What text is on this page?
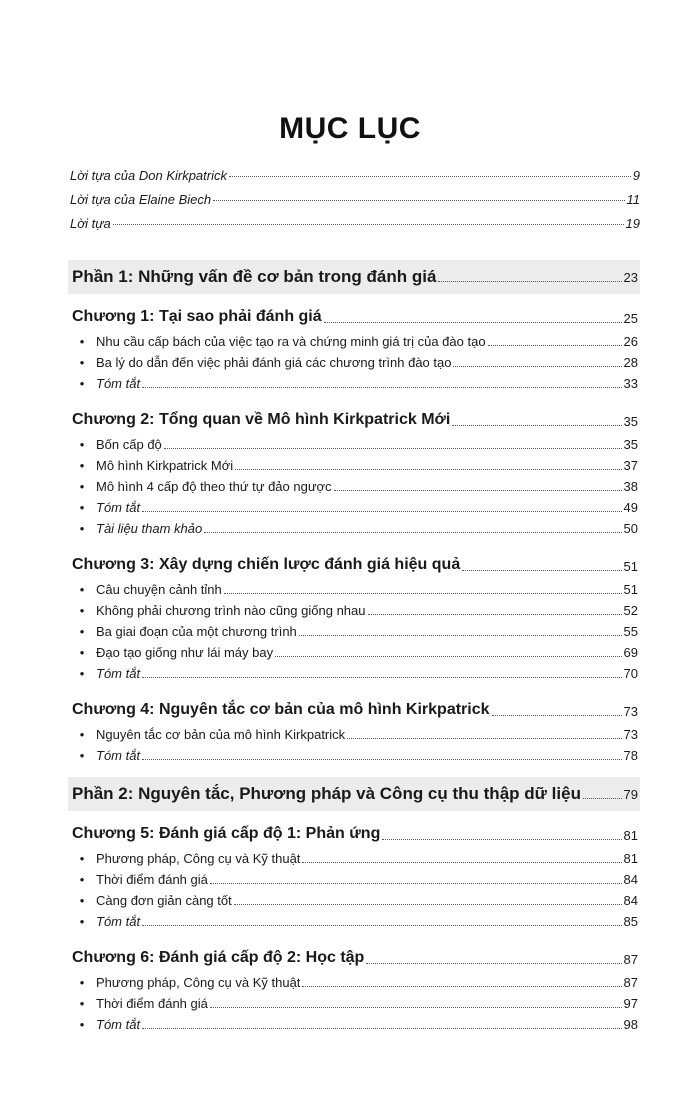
MỤC LỤC
Lời tựa của Don Kirkpatrick	9
Lời tựa của Elaine Biech	11
Lời tựa	19
Phần 1: Những vấn đề cơ bản trong đánh giá	23
Chương 1: Tại sao phải đánh giá	25
• Nhu cầu cấp bách của việc tạo ra và chứng minh giá trị của đào tạo	26
• Ba lý do dẫn đến việc phải đánh giá các chương trình đào tạo	28
• Tóm tắt	33
Chương 2: Tổng quan về Mô hình Kirkpatrick Mới	35
• Bốn cấp độ	35
• Mô hình Kirkpatrick Mới	37
• Mô hình 4 cấp độ theo thứ tự đảo ngược	38
• Tóm tắt	49
• Tài liệu tham khảo	50
Chương 3: Xây dựng chiến lược đánh giá hiệu quả	51
• Câu chuyện cảnh tỉnh	51
• Không phải chương trình nào cũng giống nhau	52
• Ba giai đoạn của một chương trình	55
• Đạo tạo giống như lái máy bay	69
• Tóm tắt	70
Chương 4: Nguyên tắc cơ bản của mô hình Kirkpatrick	73
• Nguyên tắc cơ bản của mô hình Kirkpatrick	73
• Tóm tắt	78
Phần 2: Nguyên tắc, Phương pháp và Công cụ thu thập dữ liệu	79
Chương 5: Đánh giá cấp độ 1: Phản ứng	81
• Phương pháp, Công cụ và Kỹ thuật	81
• Thời điểm đánh giá	84
• Càng đơn giản càng tốt	84
• Tóm tắt	85
Chương 6: Đánh giá cấp độ 2: Học tập	87
• Phương pháp, Công cụ và Kỹ thuật	87
• Thời điểm đánh giá	97
• Tóm tắt	98
